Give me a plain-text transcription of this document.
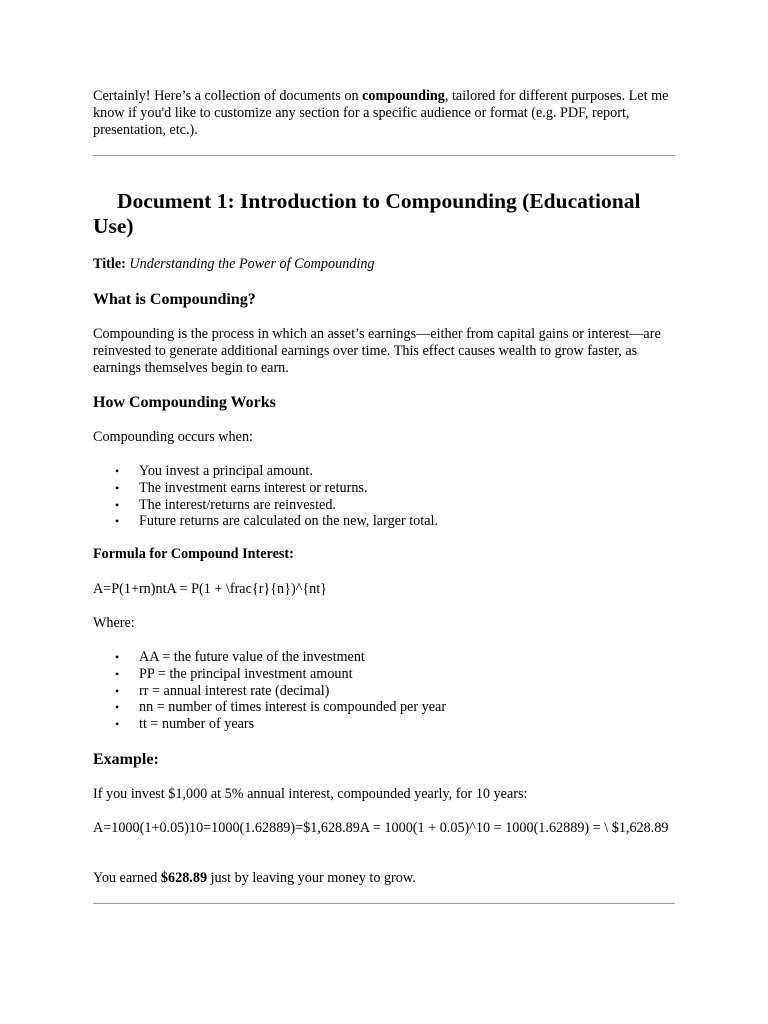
Certainly! Here’s a collection of documents on compounding, tailored for different purposes. Let me know if you'd like to customize any section for a specific audience or format (e.g. PDF, report, presentation, etc.).

Document 1: Introduction to Compounding (Educational Use)

Title: Understanding the Power of Compounding

What is Compounding?

Compounding is the process in which an asset’s earnings—either from capital gains or interest—are reinvested to generate additional earnings over time. This effect causes wealth to grow faster, as earnings themselves begin to earn.

How Compounding Works

Compounding occurs when:

• You invest a principal amount.
• The investment earns interest or returns.
• The interest/returns are reinvested.
• Future returns are calculated on the new, larger total.
Formula for Compound Interest:

A=P(1+rn)ntA = P(1 + \frac{r}{n})^{nt}

Where:

• AA = the future value of the investment
• PP = the principal investment amount
• rr = annual interest rate (decimal)
• nn = number of times interest is compounded per year
• tt = number of years
Example:

If you invest $1,000 at 5% annual interest, compounded yearly, for 10 years:

A=1000(1+0.05)10=1000(1.62889)=$1,628.89A = 1000(1 + 0.05)^10 = 1000(1.62889) = \ $1,628.89

You earned $628.89 just by leaving your money to grow.
